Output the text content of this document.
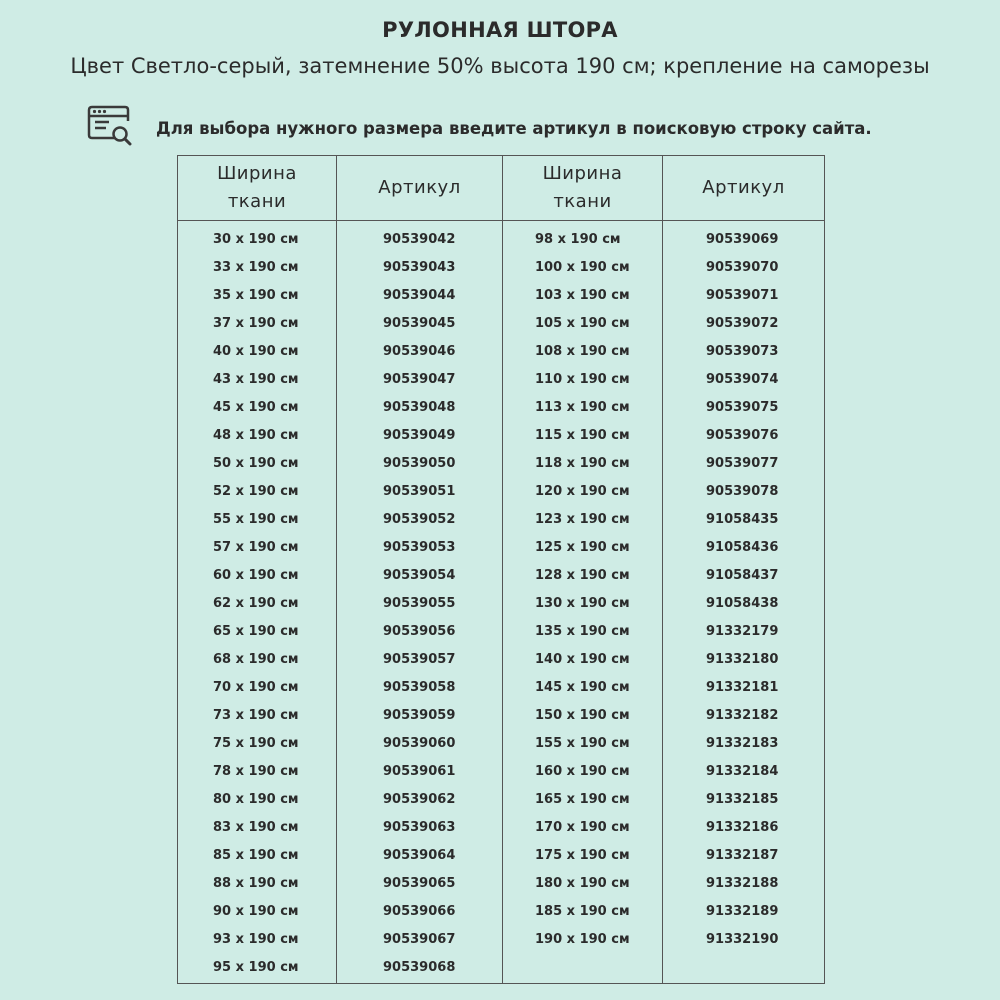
РУЛОННАЯ ШТОРА
Цвет Светло-серый, затемнение 50% высота 190 см; крепление на саморезы
Для выбора нужного размера введите артикул в поисковую строку сайта.
Ширина ткани
Артикул
Ширина ткани
Артикул
30 x 190 см
33 x 190 см
35 x 190 см
37 x 190 см
40 x 190 см
43 x 190 см
45 x 190 см
48 x 190 см
50 x 190 см
52 x 190 см
55 x 190 см
57 x 190 см
60 x 190 см
62 x 190 см
65 x 190 см
68 x 190 см
70 x 190 см
73 x 190 см
75 x 190 см
78 x 190 см
80 x 190 см
83 x 190 см
85 x 190 см
88 x 190 см
90 x 190 см
93 x 190 см
95 x 190 см
90539042
90539043
90539044
90539045
90539046
90539047
90539048
90539049
90539050
90539051
90539052
90539053
90539054
90539055
90539056
90539057
90539058
90539059
90539060
90539061
90539062
90539063
90539064
90539065
90539066
90539067
90539068
98 x 190 см
100 x 190 см
103 x 190 см
105 x 190 см
108 x 190 см
110 x 190 см
113 x 190 см
115 x 190 см
118 x 190 см
120 x 190 см
123 x 190 см
125 x 190 см
128 x 190 см
130 x 190 см
135 x 190 см
140 x 190 см
145 x 190 см
150 x 190 см
155 x 190 см
160 x 190 см
165 x 190 см
170 x 190 см
175 x 190 см
180 x 190 см
185 x 190 см
190 x 190 см
90539069
90539070
90539071
90539072
90539073
90539074
90539075
90539076
90539077
90539078
91058435
91058436
91058437
91058438
91332179
91332180
91332181
91332182
91332183
91332184
91332185
91332186
91332187
91332188
91332189
91332190
